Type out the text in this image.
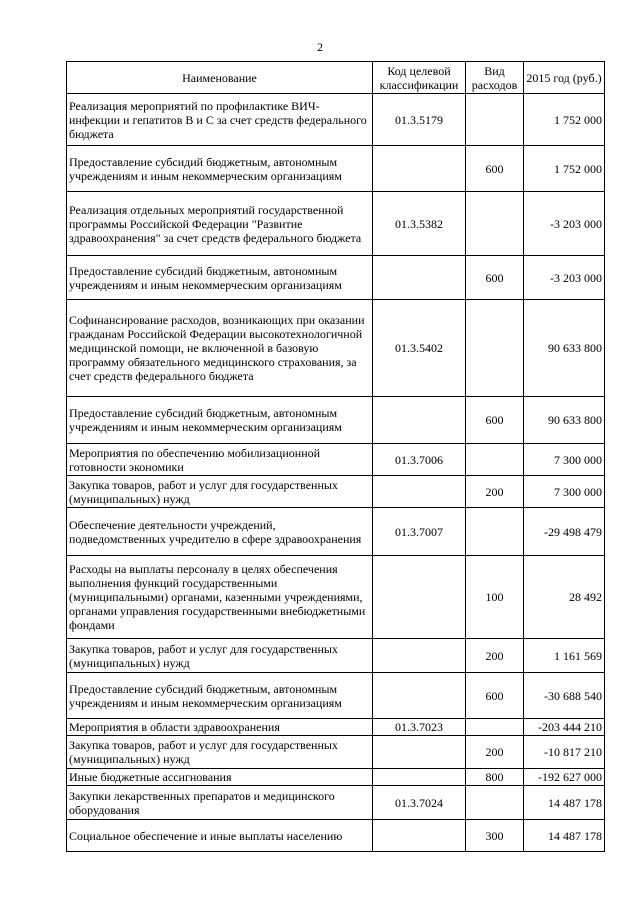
2
Наименование	Код целевой классификации	Вид расходов	2015 год (руб.)
Реализация мероприятий по профилактике ВИЧ-инфекции и гепатитов В и С за счет средств федерального бюджета	01.3.5179		1 752 000
Предоставление субсидий бюджетным, автономным учреждениям и иным некоммерческим организациям		600	1 752 000
Реализация отдельных мероприятий государственной программы Российской Федерации "Развитие здравоохранения" за счет средств федерального бюджета	01.3.5382		-3 203 000
Предоставление субсидий бюджетным, автономным учреждениям и иным некоммерческим организациям		600	-3 203 000
Софинансирование расходов, возникающих при оказании гражданам Российской Федерации высокотехнологичной медицинской помощи, не включенной в базовую программу обязательного медицинского страхования, за счет средств федерального бюджета	01.3.5402		90 633 800
Предоставление субсидий бюджетным, автономным учреждениям и иным некоммерческим организациям		600	90 633 800
Мероприятия по обеспечению мобилизационной готовности экономики	01.3.7006		7 300 000
Закупка товаров, работ и услуг для государственных (муниципальных) нужд		200	7 300 000
Обеспечение деятельности учреждений, подведомственных учредителю в сфере здравоохранения	01.3.7007		-29 498 479
Расходы на выплаты персоналу в целях обеспечения выполнения функций государственными (муниципальными) органами, казенными учреждениями, органами управления государственными внебюджетными фондами		100	28 492
Закупка товаров, работ и услуг для государственных (муниципальных) нужд		200	1 161 569
Предоставление субсидий бюджетным, автономным учреждениям и иным некоммерческим организациям		600	-30 688 540
Мероприятия в области здравоохранения	01.3.7023		-203 444 210
Закупка товаров, работ и услуг для государственных (муниципальных) нужд		200	-10 817 210
Иные бюджетные ассигнования		800	-192 627 000
Закупки лекарственных препаратов и медицинского оборудования	01.3.7024		14 487 178
Социальное обеспечение и иные выплаты населению		300	14 487 178
